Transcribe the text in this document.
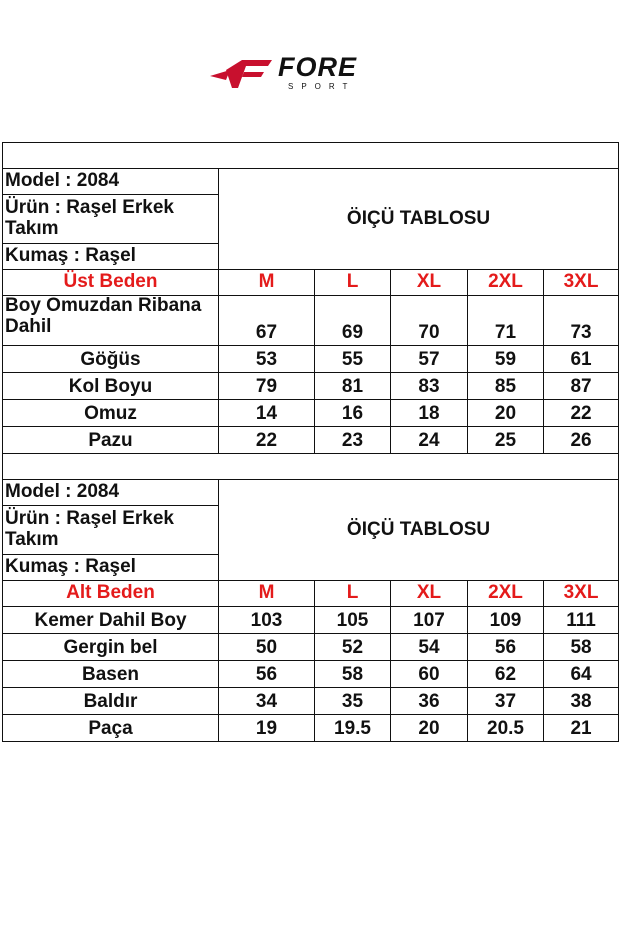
FORE
SPORT

Model : 2084	ÖIÇÜ TABLOSU				
Ürün : Raşel Erkek Takım					
Kumaş : Raşel					
Üst Beden	M	L	XL	2XL	3XL
Boy Omuzdan Ribana Dahil	67	69	70	71	73
Göğüs	53	55	57	59	61
Kol Boyu	79	81	83	85	87
Omuz	14	16	18	20	22
Pazu	22	23	24	25	26

Model : 2084	ÖIÇÜ TABLOSU				
Ürün : Raşel Erkek Takım					
Kumaş : Raşel					
Alt Beden	M	L	XL	2XL	3XL
Kemer Dahil Boy	103	105	107	109	111
Gergin bel	50	52	54	56	58
Basen	56	58	60	62	64
Baldır	34	35	36	37	38
Paça	19	19.5	20	20.5	21
